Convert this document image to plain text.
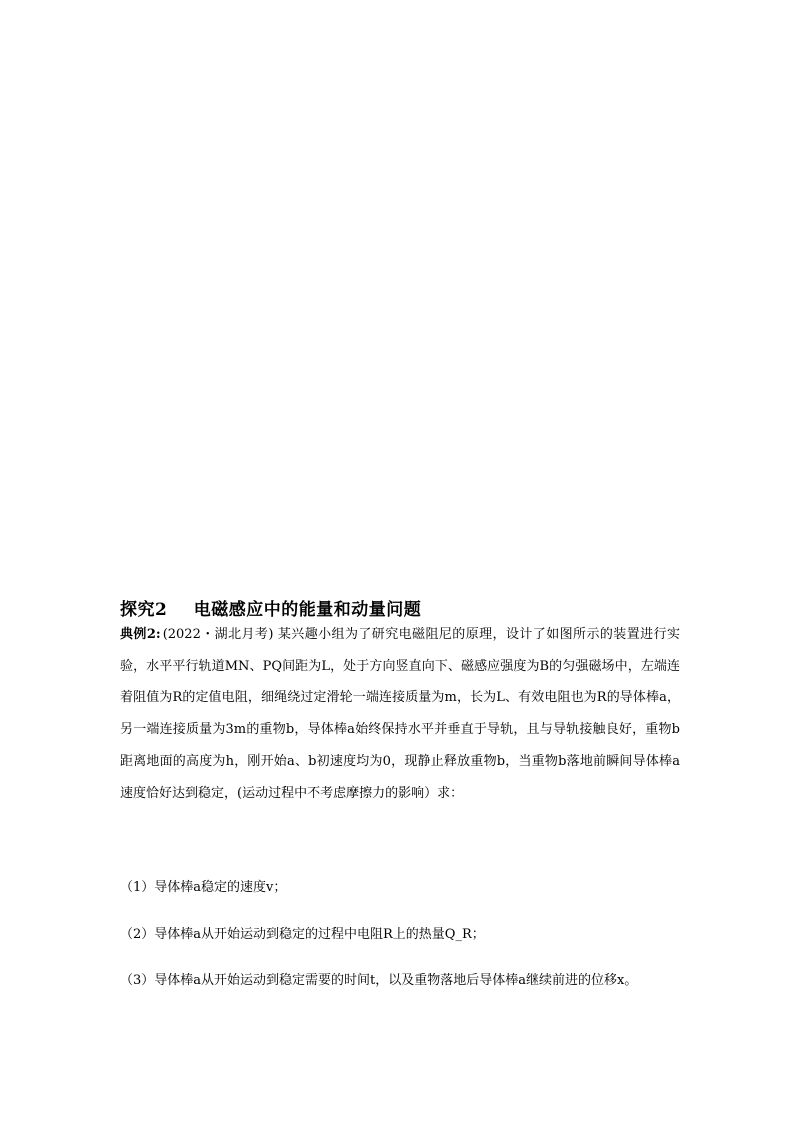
探究2 电磁感应中的能量和动量问题

典例2: (2022・湖北月考) 某兴趣小组为了研究电磁阻尼的原理，设计了如图所示的装置进行实验，水平平行轨道MN、PQ间距为L，处于方向竖直向下、磁感应强度为B的匀强磁场中，左端连着阻值为R的定值电阻，细绳绕过定滑轮一端连接质量为m，长为L、有效电阻也为R的导体棒a，另一端连接质量为3m的重物b，导体棒a始终保持水平并垂直于导轨，且与导轨接触良好，重物b距离地面的高度为h，刚开始a、b初速度均为0，现静止释放重物b，当重物b落地前瞬间导体棒a速度恰好达到稳定，(运动过程中不考虑摩擦力的影响）求：

（1）导体棒a稳定的速度v；
（2）导体棒a从开始运动到稳定的过程中电阻R上的热量Q_R；
（3）导体棒a从开始运动到稳定需要的时间t，以及重物落地后导体棒a继续前进的位移x。
